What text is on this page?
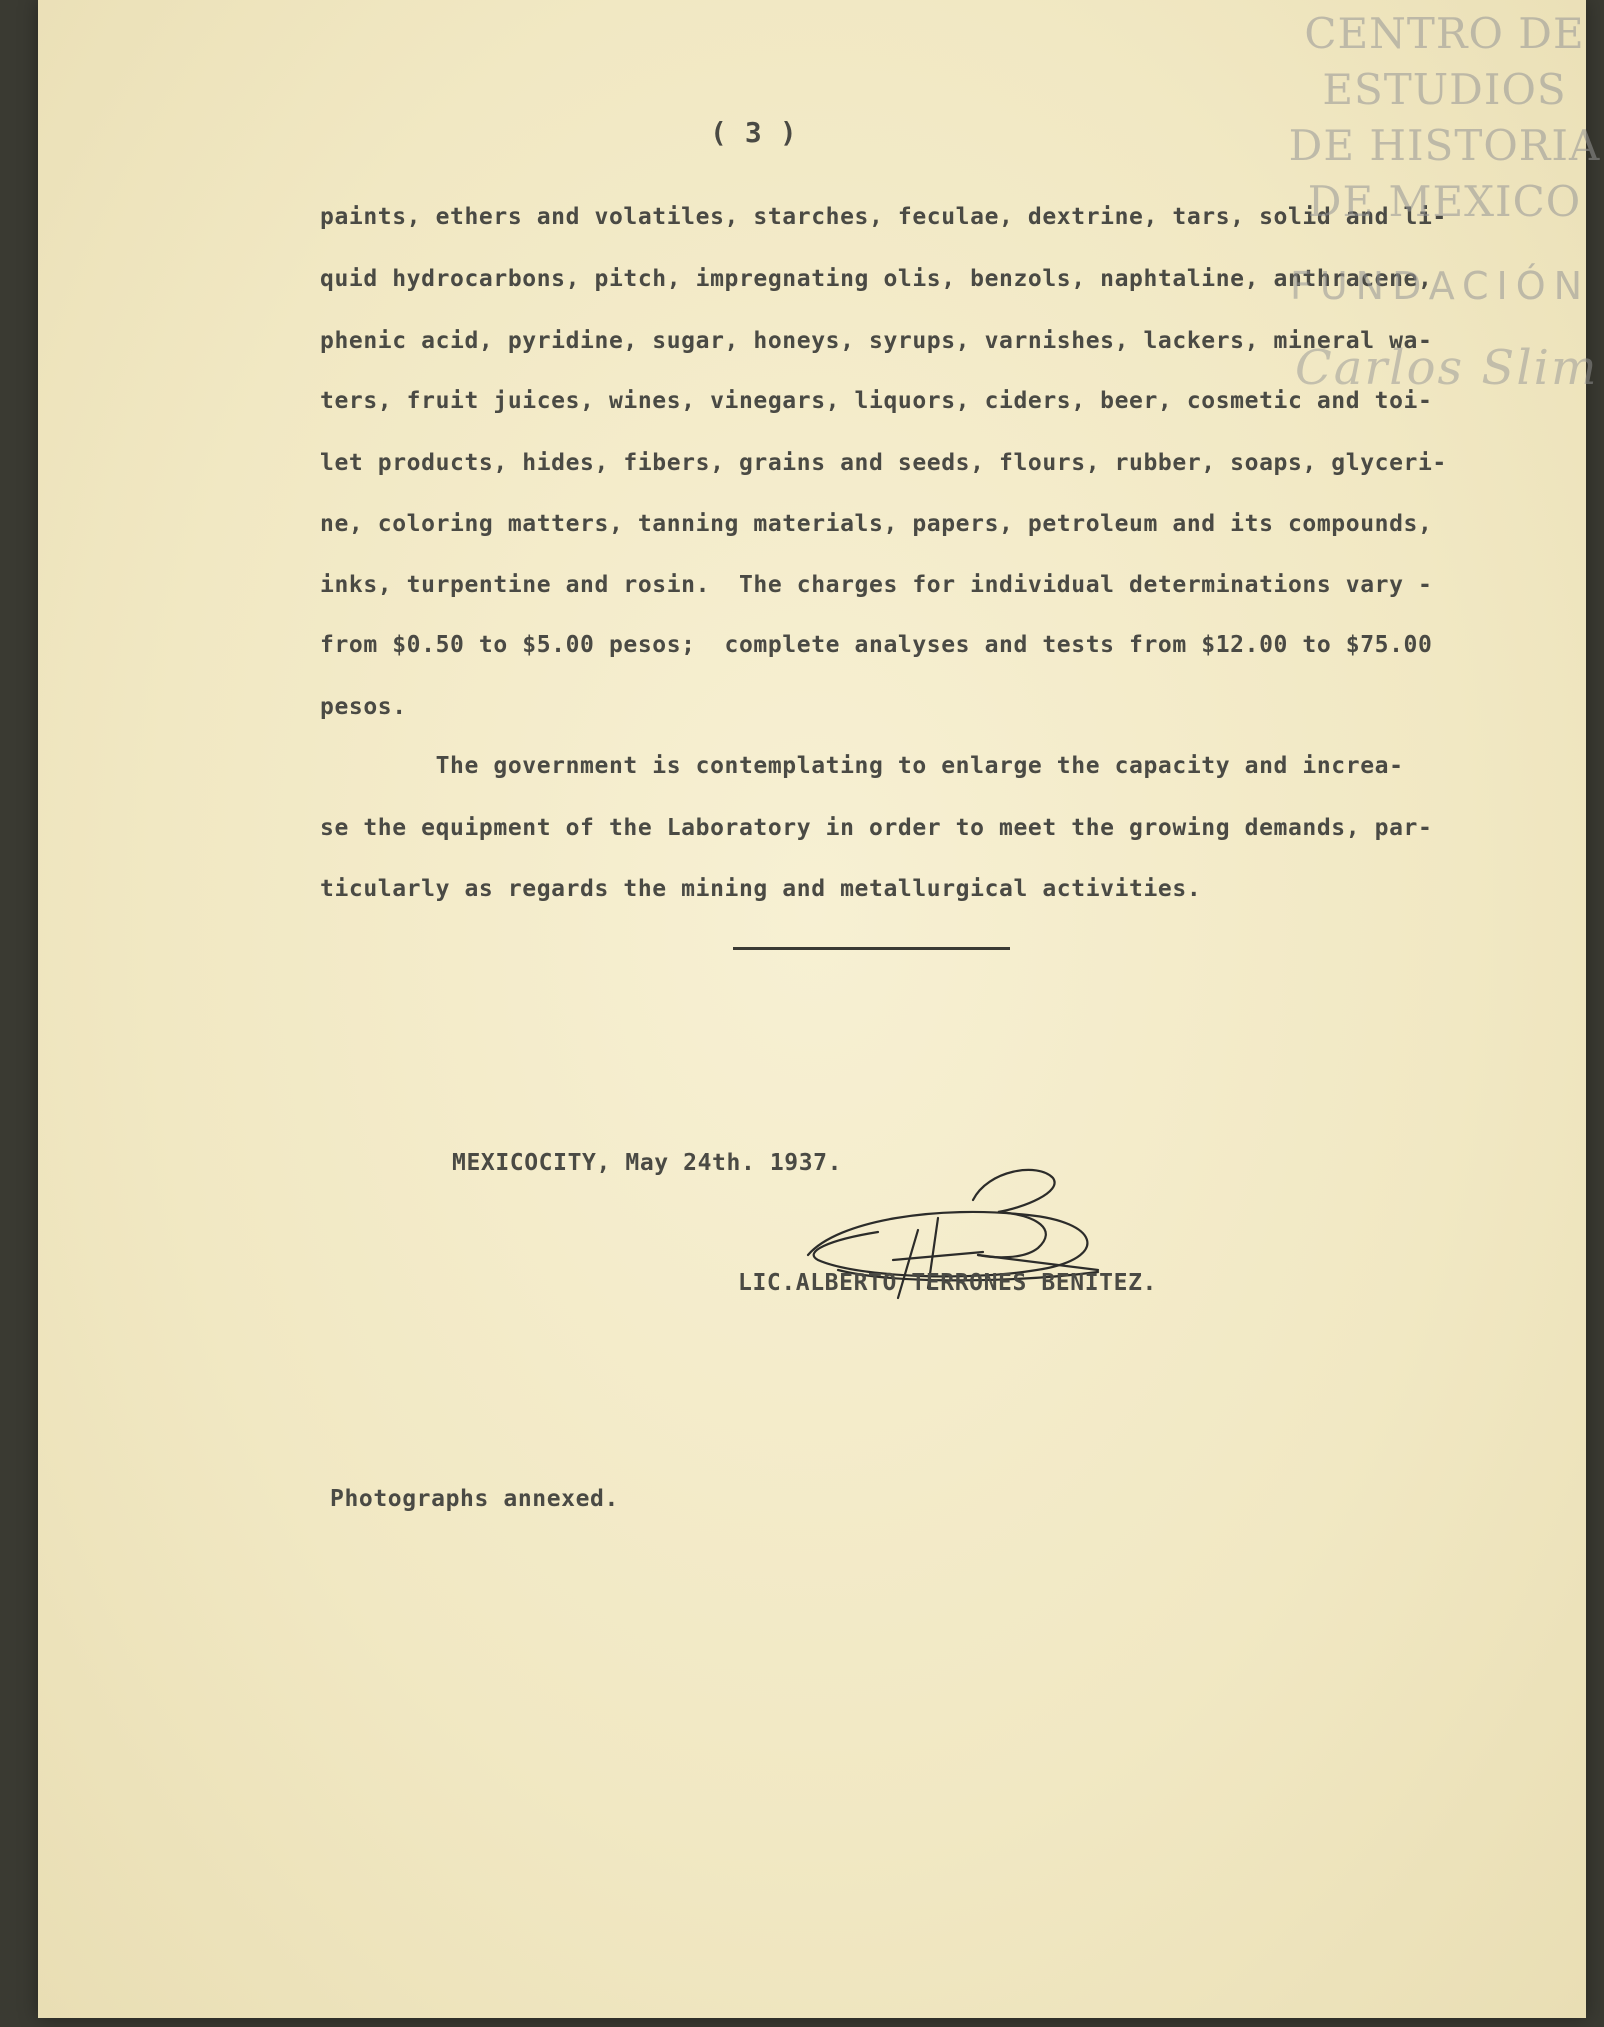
( 3 )
paints, ethers and volatiles, starches, feculae, dextrine, tars, solid and li-
quid hydrocarbons, pitch, impregnating olis, benzols, naphtaline, anthracene,
phenic acid, pyridine, sugar, honeys, syrups, varnishes, lackers, mineral wa-
ters, fruit juices, wines, vinegars, liquors, ciders, beer, cosmetic and toi-
let products, hides, fibers, grains and seeds, flours, rubber, soaps, glyceri-
ne, coloring matters, tanning materials, papers, petroleum and its compounds,
inks, turpentine and rosin.  The charges for individual determinations vary -
from $0.50 to $5.00 pesos;  complete analyses and tests from $12.00 to $75.00
pesos.
The government is contemplating to enlarge the capacity and increa-
se the equipment of the Laboratory in order to meet the growing demands, par-
ticularly as regards the mining and metallurgical activities.
MEXICOCITY, May 24th. 1937.
LIC.ALBERTO TERRONES BENITEZ.
Photographs annexed.
CENTRO DE
ESTUDIOS
DE HISTORIA
DE MEXICO
FUNDACIÓN
Carlos Slim
